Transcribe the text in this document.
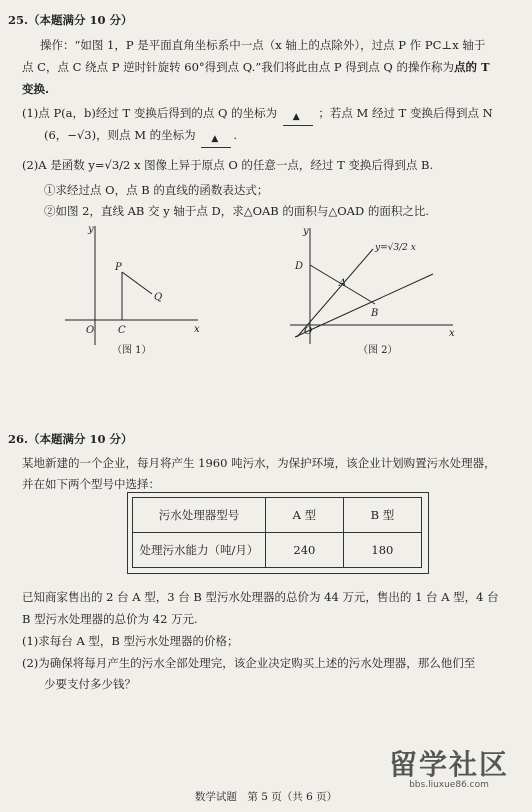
25.（本题满分 10 分）
操作：“如图 1，P 是平面直角坐标系中一点（x 轴上的点除外），过点 P 作 PC⊥x 轴于
点 C，点 C 绕点 P 逆时针旋转 60°得到点 Q.”我们将此由点 P 得到点 Q 的操作称为点的 T
变换.
(1)点 P(a，b)经过 T 变换后得到的点 Q 的坐标为 ▲ ；若点 M 经过 T 变换后得到点 N
(6，−√3)，则点 M 的坐标为 ▲ .
(2)A 是函数 y=√3/2 x 图像上异于原点 O 的任意一点，经过 T 变换后得到点 B.
①求经过点 O，点 B 的直线的函数表达式；
②如图 2，直线 AB 交 y 轴于点 D，求△OAB 的面积与△OAD 的面积之比.
y
x
O C
P
Q
（图 1）
y
x
O
D
A
B
y=√3/2 x
（图 2）
26.（本题满分 10 分）
某地新建的一个企业，每月将产生 1960 吨污水，为保护环境，该企业计划购置污水处理器，
并在如下两个型号中选择：
污水处理器型号	A 型	B 型
处理污水能力（吨/月）	240	180
已知商家售出的 2 台 A 型，3 台 B 型污水处理器的总价为 44 万元，售出的 1 台 A 型，4 台
B 型污水处理器的总价为 42 万元.
(1)求每台 A 型，B 型污水处理器的价格；
(2)为确保将每月产生的污水全部处理完，该企业决定购买上述的污水处理器，那么他们至
少要支付多少钱？
留学社区
bbs.liuxue86.com
数学试题　第 5 页（共 6 页）
